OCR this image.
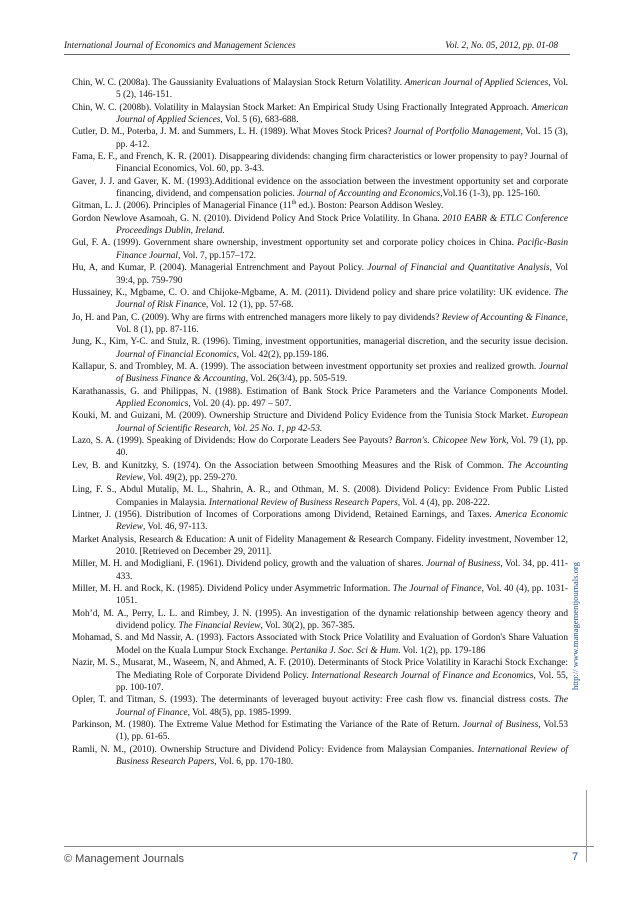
International Journal of Economics and Management Sciences	Vol. 2, No. 05, 2012, pp. 01-08

Chin, W. C. (2008a). The Gaussianity Evaluations of Malaysian Stock Return Volatility. American Journal of Applied Sciences, Vol. 5 (2), 146-151.

Chin, W. C. (2008b). Volatility in Malaysian Stock Market: An Empirical Study Using Fractionally Integrated Approach. American Journal of Applied Sciences, Vol. 5 (6), 683-688.

Cutler, D. M., Poterba, J. M. and Summers, L. H. (1989). What Moves Stock Prices? Journal of Portfolio Management, Vol. 15 (3), pp. 4-12.

Fama, E. F., and French, K. R. (2001). Disappearing dividends: changing firm characteristics or lower propensity to pay? Journal of Financial Economics, Vol. 60, pp. 3-43.

Gaver, J. J. and Gaver, K. M. (1993).Additional evidence on the association between the investment opportunity set and corporate financing, dividend, and compensation policies. Journal of Accounting and Economics,Vol.16 (1-3), pp. 125-160.

Gitman, L. J. (2006). Principles of Managerial Finance (11th ed.). Boston: Pearson Addison Wesley.

Gordon Newlove Asamoah, G. N. (2010). Dividend Policy And Stock Price Volatility. In Ghana. 2010 EABR & ETLC Conference Proceedings Dublin, Ireland.

Gul, F. A. (1999). Government share ownership, investment opportunity set and corporate policy choices in China. Pacific-Basin Finance Journal, Vol. 7, pp.157–172.

Hu, A, and Kumar, P. (2004). Managerial Entrenchment and Payout Policy. Journal of Financial and Quantitative Analysis, Vol 39:4, pp. 759-790

Hussainey, K., Mgbame, C. O. and Chijoke-Mgbame, A. M. (2011). Dividend policy and share price volatility: UK evidence. The Journal of Risk Finance, Vol. 12 (1), pp. 57-68.

Jo, H. and Pan, C. (2009). Why are firms with entrenched managers more likely to pay dividends? Review of Accounting & Finance, Vol. 8 (1), pp. 87-116.

Jung, K., Kim, Y-C. and Stulz, R. (1996). Timing, investment opportunities, managerial discretion, and the security issue decision. Journal of Financial Economics, Vol. 42(2), pp.159-186.

Kallapur, S. and Trombley, M. A. (1999). The association between investment opportunity set proxies and realized growth. Journal of Business Finance & Accounting, Vol. 26(3/4), pp. 505-519.

Karathanassis, G. and Philippas, N. (1988). Estimation of Bank Stock Price Parameters and the Variance Components Model. Applied Economics, Vol. 20 (4). pp. 497 – 507.

Kouki, M. and Guizani, M. (2009). Ownership Structure and Dividend Policy Evidence from the Tunisia Stock Market. European Journal of Scientific Research, Vol. 25 No. 1, pp 42-53.

Lazo, S. A. (1999). Speaking of Dividends: How do Corporate Leaders See Payouts? Barron's. Chicopee New York, Vol. 79 (1), pp. 40.

Lev, B. and Kunitzky, S. (1974). On the Association between Smoothing Measures and the Risk of Common. The Accounting Review, Vol. 49(2), pp. 259-270.

Ling, F. S., Abdul Mutalip, M. L., Shahrin, A. R., and Othman, M. S. (2008). Dividend Policy: Evidence From Public Listed Companies in Malaysia. International Review of Business Research Papers, Vol. 4 (4), pp. 208-222.

Lintner, J. (1956). Distribution of Incomes of Corporations among Dividend, Retained Earnings, and Taxes. America Economic Review, Vol. 46, 97-113.

Market Analysis, Research & Education: A unit of Fidelity Management & Research Company. Fidelity investment, November 12, 2010. [Retrieved on December 29, 2011].

Miller, M. H. and Modigliani, F. (1961). Dividend policy, growth and the valuation of shares. Journal of Business, Vol. 34, pp. 411-433.

Miller, M. H. and Rock, K. (1985). Dividend Policy under Asymmetric Information. The Journal of Finance, Vol. 40 (4), pp. 1031-1051.

Moh’d, M. A., Perry, L. L. and Rimbey, J. N. (1995). An investigation of the dynamic relationship between agency theory and dividend policy. The Financial Review, Vol. 30(2), pp. 367-385.

Mohamad, S. and Md Nassir, A. (1993). Factors Associated with Stock Price Volatility and Evaluation of Gordon's Share Valuation Model on the Kuala Lumpur Stock Exchange. Pertanika J. Soc. Sci & Hum. Vol. 1(2), pp. 179-186

Nazir, M. S., Musarat, M., Waseem, N, and Ahmed, A. F. (2010). Determinants of Stock Price Volatility in Karachi Stock Exchange: The Mediating Role of Corporate Dividend Policy. International Research Journal of Finance and Economics, Vol. 55, pp. 100-107.

Opler, T. and Titman, S. (1993). The determinants of leveraged buyout activity: Free cash flow vs. financial distress costs. The Journal of Finance, Vol. 48(5), pp. 1985-1999.

Parkinson, M. (1980). The Extreme Value Method for Estimating the Variance of the Rate of Return. Journal of Business, Vol.53 (1), pp. 61-65.

Ramli, N. M., (2010). Ownership Structure and Dividend Policy: Evidence from Malaysian Companies. International Review of Business Research Papers, Vol. 6, pp. 170-180.

http:// www.managementjournals.org
© Management Journals	7
